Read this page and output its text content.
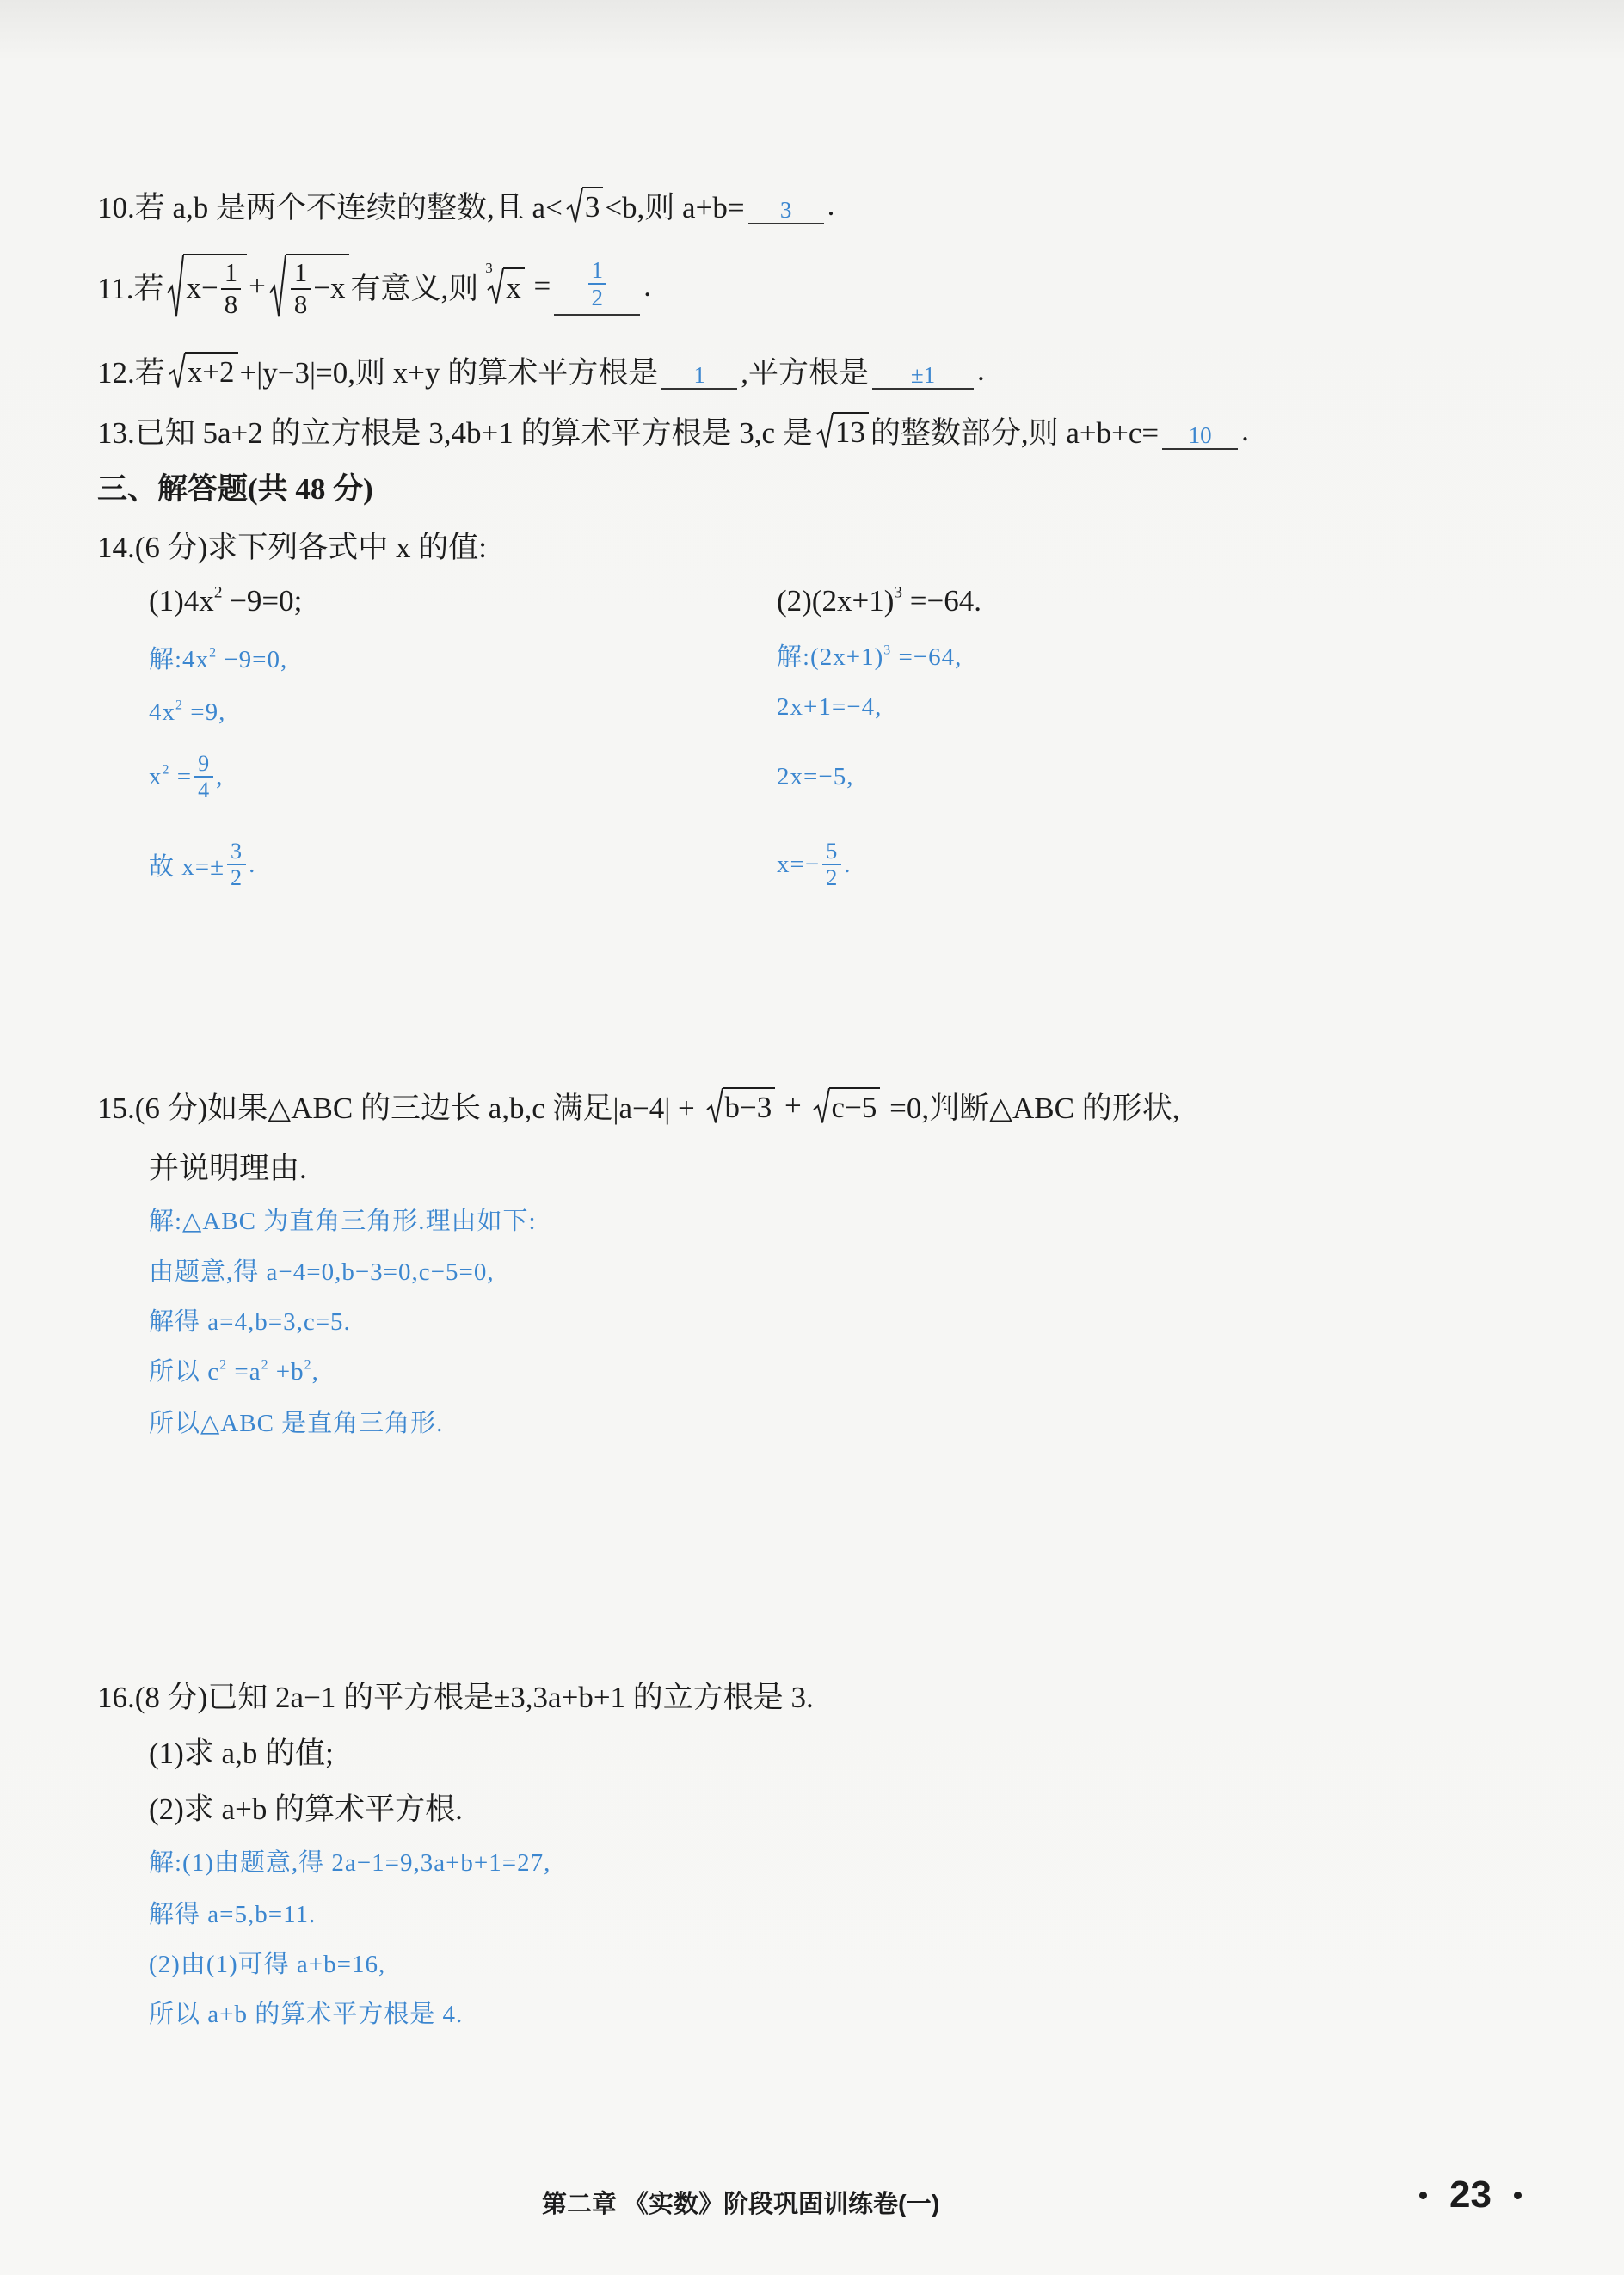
10.若 a,b 是两个不连续的整数,且 a< 3 <b,则 a+b= 3 .
11.若 $x- \frac{1}{8} + \frac{1}{8} -x$ 有意义,则
3
$x = \frac{1}{2}$ .
12.若 x+2 +|y−3|=0,则 x+y 的算术平方根是 1 ,平方根是 ±1 .
13.已知 5a+2 的立方根是 3,4b+1 的算术平方根是 3,c 是 13 的整数部分,则 a+b+c= 10 .
三、解答题(共 48 分)
14.(6 分)求下列各式中 x 的值:
$(1)4x^2 -9=0$;	$(2)(2x+1)^3 =-64$.
解$:4x^2 -9=0$,
$4x^2 =9$,
$x^2 = \frac{9}{4}$ ,
故 $x=\pm \frac{3}{2}$ .
解$:(2x+1)^3 =-64$,
2x+1=−4,
2x=−5,
$x=- \frac{5}{2}$ .
15.(6 分)如果△ABC 的三边长 a,b,c 满足|a−4| + b−3 + c−5 =0,判断△ABC 的形状,
并说明理由.
解:△ABC 为直角三角形.理由如下:
由题意,得 a−4=0,b−3=0,c−5=0,
解得 a=4,b=3,c=5.
所以 $c^2 =a^2 +b^2$,
所以△ABC 是直角三角形.
16.(8 分)已知 2a−1 的平方根是±3,3a+b+1 的立方根是 3.
(1)求 a,b 的值;
(2)求 a+b 的算术平方根.
解:(1)由题意,得 2a−1=9,3a+b+1=27,
解得 a=5,b=11.
(2)由(1)可得 a+b=16,
所以 a+b 的算术平方根是 4.
第二章 《实数》阶段巩固训练卷(一)	23
